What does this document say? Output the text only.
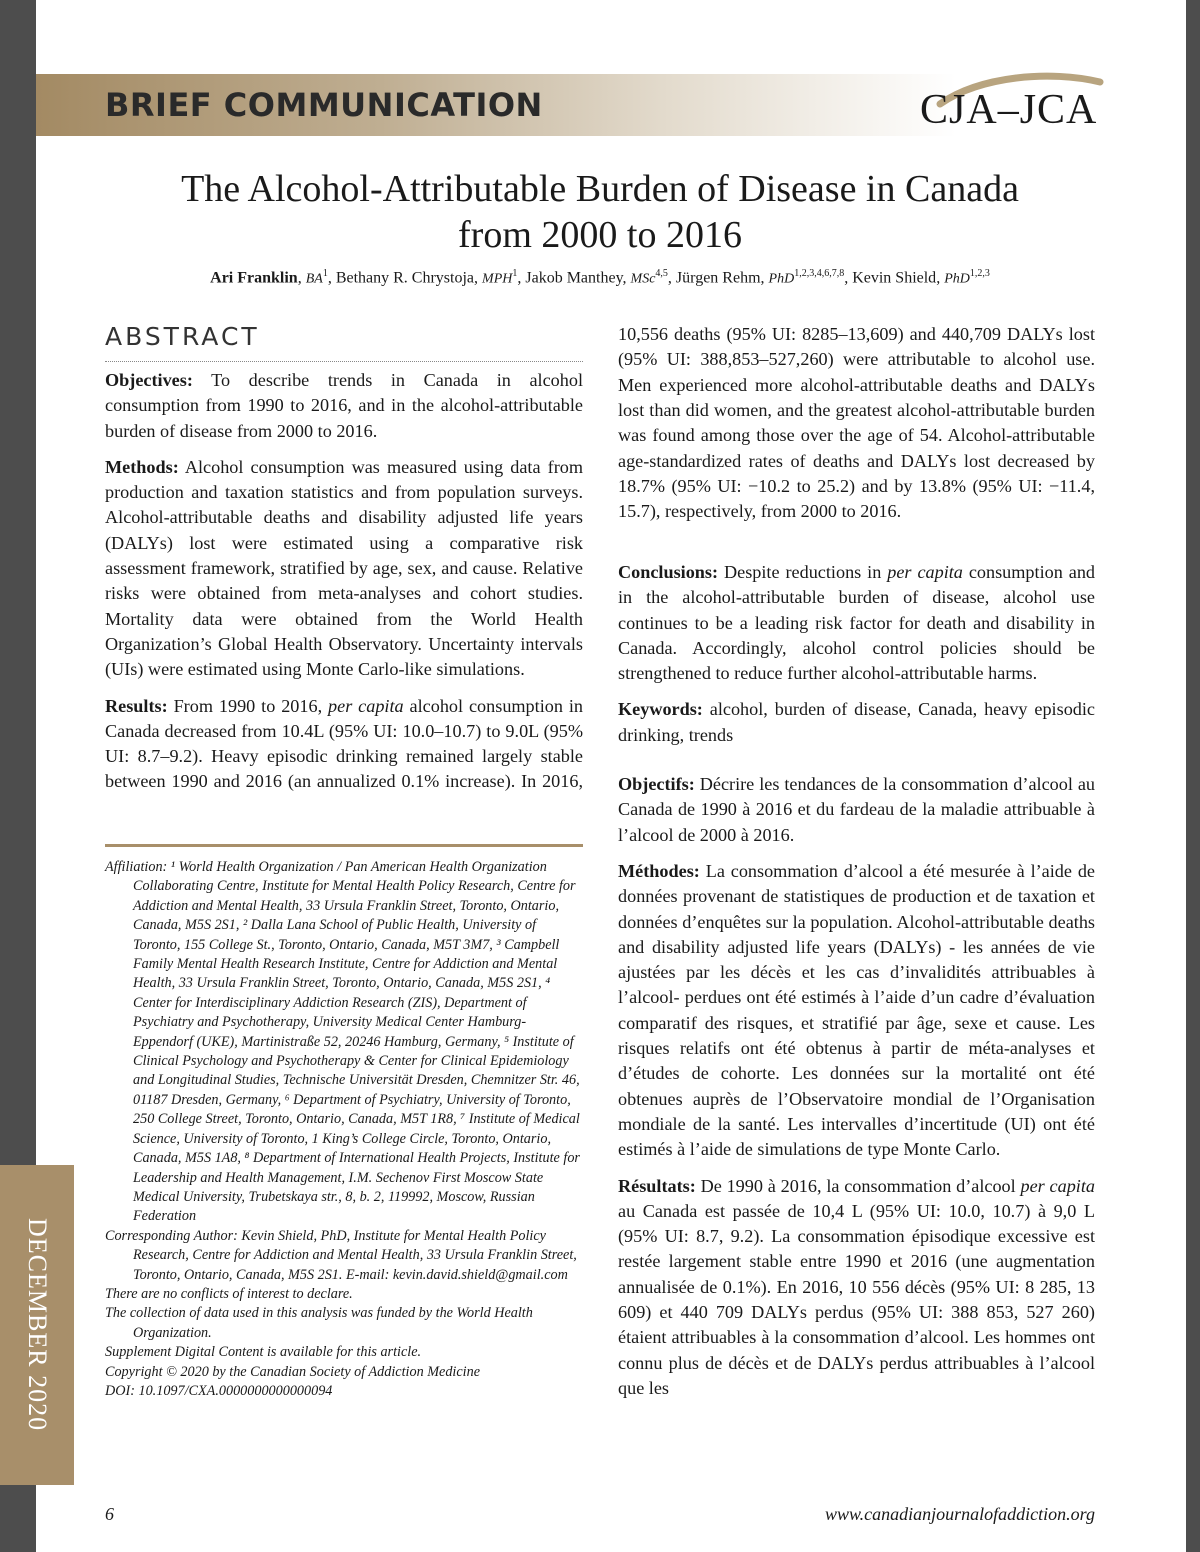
DECEMBER 2020
BRIEF COMMUNICATION	CJA–JCA
The Alcohol-Attributable Burden of Disease in Canada
from 2000 to 2016
Ari Franklin, $BA^1$, Bethany R. Chrystoja, MPH$^1$, Jakob Manthey, MSc$^{4,5}$, Jürgen Rehm, PhD$^{1,2,3,4,6,7,8}$, Kevin Shield, PhD$^{1,2,3}$
ABSTRACT

Objectives: To describe trends in Canada in alcohol consumption from 1990 to 2016, and in the alcohol-attributable burden of disease from 2000 to 2016.

Methods: Alcohol consumption was measured using data from production and taxation statistics and from population surveys. Alcohol-attributable deaths and disability adjusted life years (DALYs) lost were estimated using a comparative risk assessment framework, stratified by age, sex, and cause. Relative risks were obtained from meta-analyses and cohort studies. Mortality data were obtained from the World Health Organization’s Global Health Observatory. Uncertainty intervals (UIs) were estimated using Monte Carlo-like simulations.

Results: From 1990 to 2016, per capita alcohol consumption in Canada decreased from 10.4L (95% UI: 10.0–10.7) to 9.0L (95% UI: 8.7–9.2). Heavy episodic drinking remained largely stable between 1990 and 2016 (an annualized 0.1% increase). In 2016,

Affiliation: ¹ World Health Organization / Pan American Health Organization Collaborating Centre, Institute for Mental Health Policy Research, Centre for Addiction and Mental Health, 33 Ursula Franklin Street, Toronto, Ontario, Canada, M5S 2S1, ² Dalla Lana School of Public Health, University of Toronto, 155 College St., Toronto, Ontario, Canada, M5T 3M7, ³ Campbell Family Mental Health Research Institute, Centre for Addiction and Mental Health, 33 Ursula Franklin Street, Toronto, Ontario, Canada, M5S 2S1, ⁴ Center for Interdisciplinary Addiction Research (ZIS), Department of Psychiatry and Psychotherapy, University Medical Center Hamburg-Eppendorf (UKE), Martinistraße 52, 20246 Hamburg, Germany, ⁵ Institute of Clinical Psychology and Psychotherapy & Center for Clinical Epidemiology and Longitudinal Studies, Technische Universität Dresden, Chemnitzer Str. 46, 01187 Dresden, Germany, ⁶ Department of Psychiatry, University of Toronto, 250 College Street, Toronto, Ontario, Canada, M5T 1R8, ⁷ Institute of Medical Science, University of Toronto, 1 King’s College Circle, Toronto, Ontario, Canada, M5S 1A8, ⁸ Department of International Health Projects, Institute for Leadership and Health Management, I.M. Sechenov First Moscow State Medical University, Trubetskaya str., 8, b. 2, 119992, Moscow, Russian Federation

Corresponding Author: Kevin Shield, PhD, Institute for Mental Health Policy Research, Centre for Addiction and Mental Health, 33 Ursula Franklin Street, Toronto, Ontario, Canada, M5S 2S1. E-mail: kevin.david.shield@gmail.com

There are no conflicts of interest to declare.

The collection of data used in this analysis was funded by the World Health Organization.

Supplement Digital Content is available for this article.

Copyright © 2020 by the Canadian Society of Addiction Medicine

DOI: 10.1097/CXA.0000000000000094

10,556 deaths (95% UI: 8285–13,609) and 440,709 DALYs lost (95% UI: 388,853–527,260) were attributable to alcohol use. Men experienced more alcohol-attributable deaths and DALYs lost than did women, and the greatest alcohol-attributable burden was found among those over the age of 54. Alcohol-attributable age-standardized rates of deaths and DALYs lost decreased by 18.7% (95% UI: −10.2 to 25.2) and by 13.8% (95% UI: −11.4, 15.7), respectively, from 2000 to 2016.

Conclusions: Despite reductions in per capita consumption and in the alcohol-attributable burden of disease, alcohol use continues to be a leading risk factor for death and disability in Canada. Accordingly, alcohol control policies should be strengthened to reduce further alcohol-attributable harms.

Keywords: alcohol, burden of disease, Canada, heavy episodic drinking, trends

Objectifs: Décrire les tendances de la consommation d’alcool au Canada de 1990 à 2016 et du fardeau de la maladie attribuable à l’alcool de 2000 à 2016.

Méthodes: La consommation d’alcool a été mesurée à l’aide de données provenant de statistiques de production et de taxation et données d’enquêtes sur la population. Alcohol-attributable deaths and disability adjusted life years (DALYs) - les années de vie ajustées par les décès et les cas d’invalidités attribuables à l’alcool- perdues ont été estimés à l’aide d’un cadre d’évaluation comparatif des risques, et stratifié par âge, sexe et cause. Les risques relatifs ont été obtenus à partir de méta-analyses et d’études de cohorte. Les données sur la mortalité ont été obtenues auprès de l’Observatoire mondial de l’Organisation mondiale de la santé. Les intervalles d’incertitude (UI) ont été estimés à l’aide de simulations de type Monte Carlo.

Résultats: De 1990 à 2016, la consommation d’alcool per capita au Canada est passée de 10,4 L (95% UI: 10.0, 10.7) à 9,0 L (95% UI: 8.7, 9.2). La consommation épisodique excessive est restée largement stable entre 1990 et 2016 (une augmentation annualisée de 0.1%). En 2016, 10 556 décès (95% UI: 8 285, 13 609) et 440 709 DALYs perdus (95% UI: 388 853, 527 260) étaient attribuables à la consommation d’alcool. Les hommes ont connu plus de décès et de DALYs perdus attribuables à l’alcool que les

6	www.canadianjournalofaddiction.org
